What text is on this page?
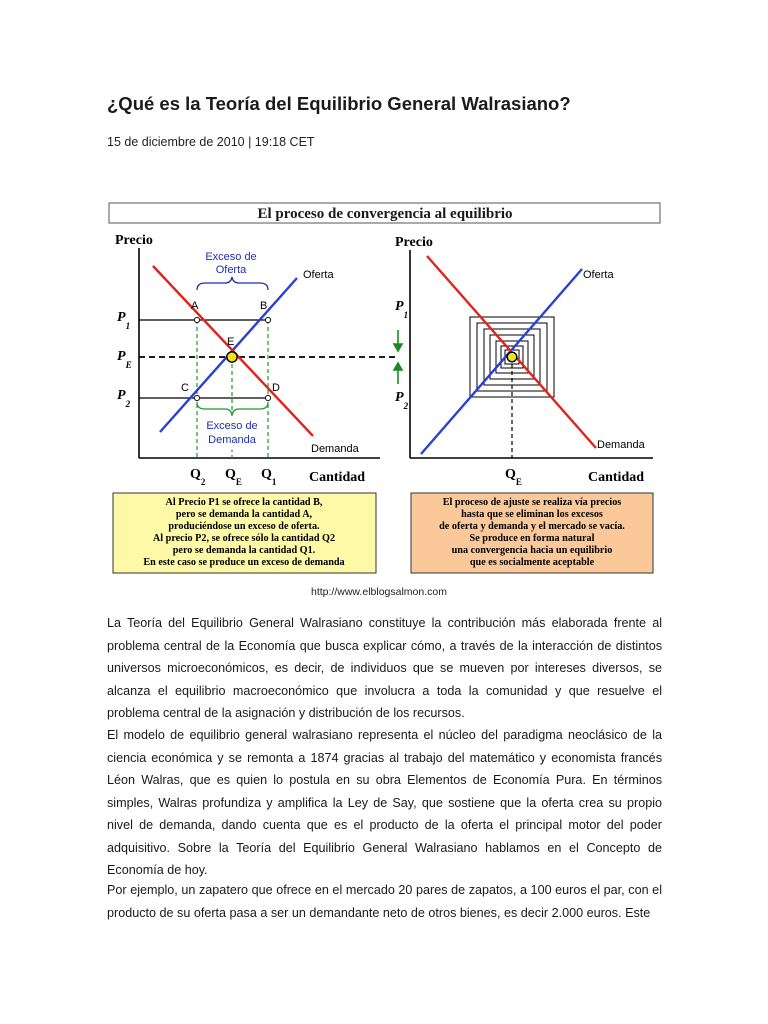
¿Qué es la Teoría del Equilibrio General Walrasiano?

15 de diciembre de 2010 | 19:18 CET

El proceso de convergencia al equilibrio
Precio
Oferta
Demanda
Exceso de
Oferta
Exceso de
Demanda
A	B
C	D
E
$P_1$
$P_E$
$P_2$
$Q_2$ $Q_E$ $Q_1$ Cantidad
Precio
Oferta
Demanda
$P_1$
$P_2$
$Q_E$	Cantidad
Al Precio P1 se ofrece la cantidad B,
pero se demanda la cantidad A,
produciéndose un exceso de oferta.
Al precio P2, se ofrece sólo la cantidad Q2
pero se demanda la cantidad Q1.
En este caso se produce un exceso de demanda
El proceso de ajuste se realiza vía precios
hasta que se eliminan los excesos
de oferta y demanda y el mercado se vacía.
Se produce en forma natural
una convergencia hacia un equilibrio
que es socialmente aceptable
http://www.elblogsalmon.com

La Teoría del Equilibrio General Walrasiano constituye la contribución más elaborada frente al problema central de la Economía que busca explicar cómo, a través de la interacción de distintos universos microeconómicos, es decir, de individuos que se mueven por intereses diversos, se alcanza el equilibrio macroeconómico que involucra a toda la comunidad y que resuelve el problema central de la asignación y distribución de los recursos.

El modelo de equilibrio general walrasiano representa el núcleo del paradigma neoclásico de la ciencia económica y se remonta a 1874 gracias al trabajo del matemático y economista francés Léon Walras, que es quien lo postula en su obra Elementos de Economía Pura. En términos simples, Walras profundiza y amplifica la Ley de Say, que sostiene que la oferta crea su propio nivel de demanda, dando cuenta que es el producto de la oferta el principal motor del poder adquisitivo. Sobre la Teoría del Equilibrio General Walrasiano hablamos en el Concepto de Economía de hoy.

Por ejemplo, un zapatero que ofrece en el mercado 20 pares de zapatos, a 100 euros el par, con el producto de su oferta pasa a ser un demandante neto de otros bienes, es decir 2.000 euros. Este
